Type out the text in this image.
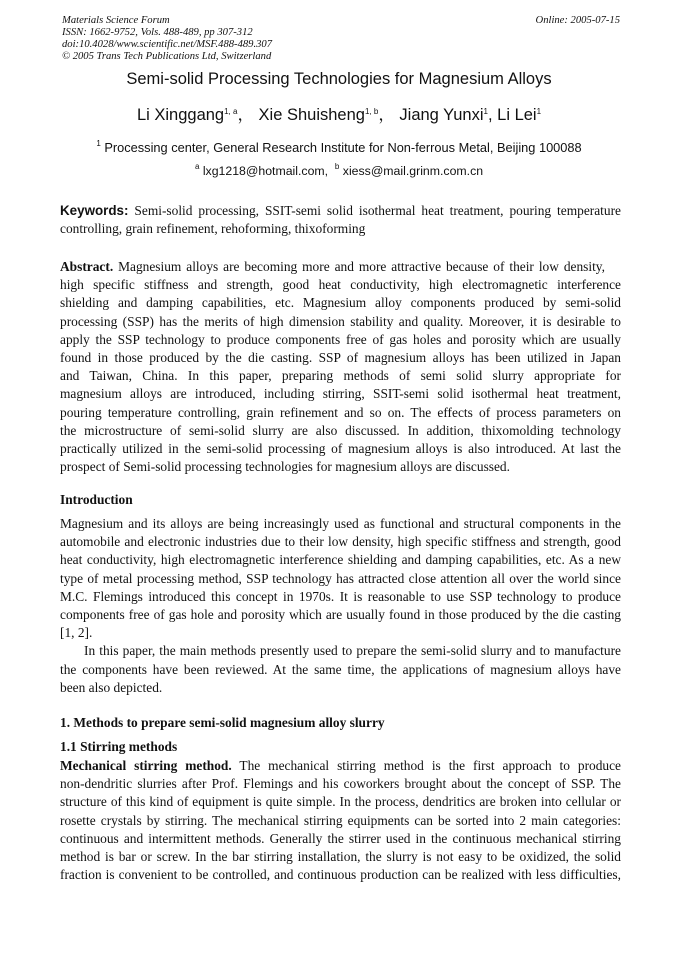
Materials Science Forum
ISSN: 1662-9752, Vols. 488-489, pp 307-312
doi:10.4028/www.scientific.net/MSF.488-489.307
© 2005 Trans Tech Publications Ltd, Switzerland
Online: 2005-07-15
Semi-solid Processing Technologies for Magnesium Alloys
Li Xinggang$^{1, a}$， Xie Shuisheng$^{1, b}$， Jiang Yunxi$^1$, Li Lei$^1$
$^1$ Processing center, General Research Institute for Non-ferrous Metal, Beijing 100088
$^a$ lxg1218@hotmail.com, $^b$ xiess@mail.grinm.com.cn
Keywords: Semi-solid processing, SSIT-semi solid isothermal heat treatment, pouring temperature
controlling, grain refinement, rehoforming, thixoforming
Abstract. Magnesium alloys are becoming more and more attractive because of their low density,
high specific stiffness and strength, good heat conductivity, high electromagnetic interference
shielding and damping capabilities, etc. Magnesium alloy components produced by semi-solid
processing (SSP) has the merits of high dimension stability and quality. Moreover, it is desirable to
apply the SSP technology to produce components free of gas holes and porosity which are usually
found in those produced by the die casting. SSP of magnesium alloys has been utilized in Japan
and Taiwan, China. In this paper, preparing methods of semi solid slurry appropriate for
magnesium alloys are introduced, including stirring, SSIT-semi solid isothermal heat treatment,
pouring temperature controlling, grain refinement and so on. The effects of process parameters on
the microstructure of semi-solid slurry are also discussed. In addition, thixomolding technology
practically utilized in the semi-solid processing of magnesium alloys is also introduced. At last the
prospect of Semi-solid processing technologies for magnesium alloys are discussed.
Introduction
Magnesium and its alloys are being increasingly used as functional and structural components in the
automobile and electronic industries due to their low density, high specific stiffness and strength, good
heat conductivity, high electromagnetic interference shielding and damping capabilities, etc. As a new
type of metal processing method, SSP technology has attracted close attention all over the world since
M.C. Flemings introduced this concept in 1970s. It is reasonable to use SSP technology to produce
components free of gas hole and porosity which are usually found in those produced by the die casting
[1, 2].
In this paper, the main methods presently used to prepare the semi-solid slurry and to manufacture
the components have been reviewed. At the same time, the applications of magnesium alloys have
been also depicted.
1. Methods to prepare semi-solid magnesium alloy slurry
1.1 Stirring methods
Mechanical stirring method. The mechanical stirring method is the first approach to produce
non-dendritic slurries after Prof. Flemings and his coworkers brought about the concept of SSP. The
structure of this kind of equipment is quite simple. In the process, dendritics are broken into cellular or
rosette crystals by stirring. The mechanical stirring equipments can be sorted into 2 main categories:
continuous and intermittent methods. Generally the stirrer used in the continuous mechanical stirring
method is bar or screw. In the bar stirring installation, the slurry is not easy to be oxidized, the solid
fraction is convenient to be controlled, and continuous production can be realized with less difficulties,
